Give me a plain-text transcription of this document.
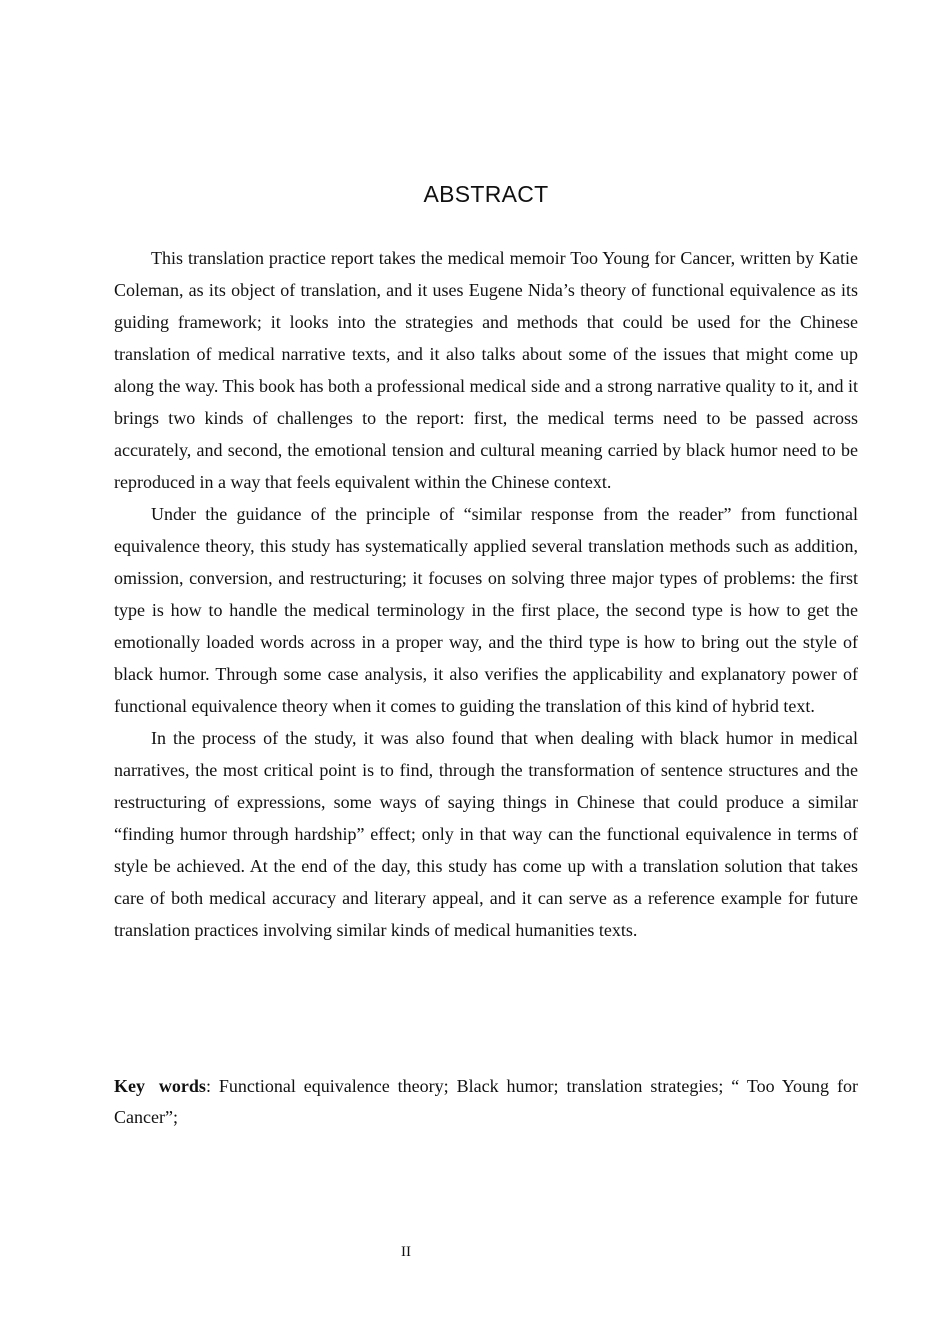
ABSTRACT

This translation practice report takes the medical memoir Too Young for Cancer, written by Katie Coleman, as its object of translation, and it uses Eugene Nida’s theory of functional equivalence as its guiding framework; it looks into the strategies and methods that could be used for the Chinese translation of medical narrative texts, and it also talks about some of the issues that might come up along the way. This book has both a professional medical side and a strong narrative quality to it, and it brings two kinds of challenges to the report: first, the medical terms need to be passed across accurately, and second, the emotional tension and cultural meaning carried by black humor need to be reproduced in a way that feels equivalent within the Chinese context.

Under the guidance of the principle of “similar response from the reader” from functional equivalence theory, this study has systematically applied several translation methods such as addition, omission, conversion, and restructuring; it focuses on solving three major types of problems: the first type is how to handle the medical terminology in the first place, the second type is how to get the emotionally loaded words across in a proper way, and the third type is how to bring out the style of black humor. Through some case analysis, it also verifies the applicability and explanatory power of functional equivalence theory when it comes to guiding the translation of this kind of hybrid text.

In the process of the study, it was also found that when dealing with black humor in medical narratives, the most critical point is to find, through the transformation of sentence structures and the restructuring of expressions, some ways of saying things in Chinese that could produce a similar “finding humor through hardship” effect; only in that way can the functional equivalence in terms of style be achieved. At the end of the day, this study has come up with a translation solution that takes care of both medical accuracy and literary appeal, and it can serve as a reference example for future translation practices involving similar kinds of medical humanities texts.

Key words: Functional equivalence theory; Black humor; translation strategies; “ Too Young for Cancer”;
II
